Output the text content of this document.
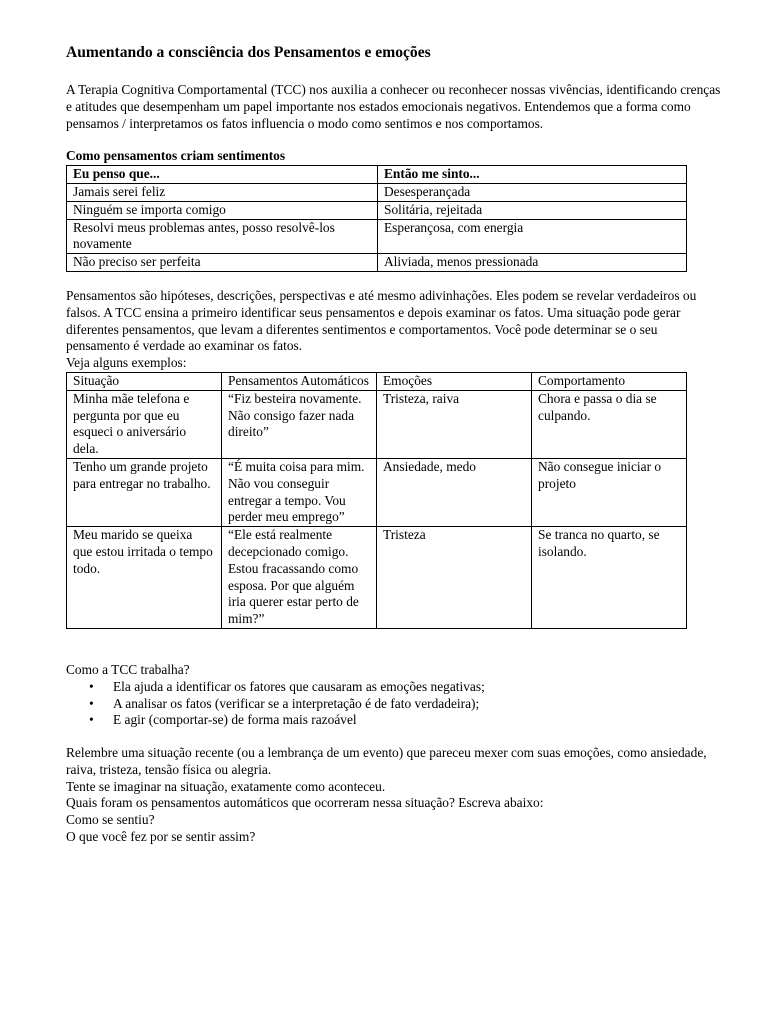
Aumentando a consciência dos Pensamentos e emoções

A Terapia Cognitiva Comportamental (TCC) nos auxilia a conhecer ou reconhecer nossas vivências, identificando crenças e atitudes que desempenham um papel importante nos estados emocionais negativos. Entendemos que a forma como pensamos / interpretamos os fatos influencia o modo como sentimos e nos comportamos.

Como pensamentos criam sentimentos

Eu penso que...	Então me sinto...
Jamais serei feliz	Desesperançada
Ninguém se importa comigo	Solitária, rejeitada
Resolvi meus problemas antes, posso resolvê-los novamente	Esperançosa, com energia
Não preciso ser perfeita	Aliviada, menos pressionada

Pensamentos são hipóteses, descrições, perspectivas e até mesmo adivinhações. Eles podem se revelar verdadeiros ou falsos. A TCC ensina a primeiro identificar seus pensamentos e depois examinar os fatos. Uma situação pode gerar diferentes pensamentos, que levam a diferentes sentimentos e comportamentos. Você pode determinar se o seu pensamento é verdade ao examinar os fatos.

Veja alguns exemplos:

Situação	Pensamentos Automáticos	Emoções	Comportamento
Minha mãe telefona e pergunta por que eu esqueci o aniversário dela.	“Fiz besteira novamente. Não consigo fazer nada direito”	Tristeza, raiva	Chora e passa o dia se culpando.
Tenho um grande projeto para entregar no trabalho.	“É muita coisa para mim. Não vou conseguir entregar a tempo. Vou perder meu emprego”	Ansiedade, medo	Não consegue iniciar o projeto
Meu marido se queixa que estou irritada o tempo todo.	“Ele está realmente decepcionado comigo. Estou fracassando como esposa. Por que alguém iria querer estar perto de mim?”	Tristeza	Se tranca no quarto, se isolando.

Como a TCC trabalha?

• Ela ajuda a identificar os fatores que causaram as emoções negativas;
• A analisar os fatos (verificar se a interpretação é de fato verdadeira);
• E agir (comportar-se) de forma mais razoável

Relembre uma situação recente (ou a lembrança de um evento) que pareceu mexer com suas emoções, como ansiedade, raiva, tristeza, tensão física ou alegria.

Tente se imaginar na situação, exatamente como aconteceu.

Quais foram os pensamentos automáticos que ocorreram nessa situação? Escreva abaixo:

Como se sentiu?

O que você fez por se sentir assim?
